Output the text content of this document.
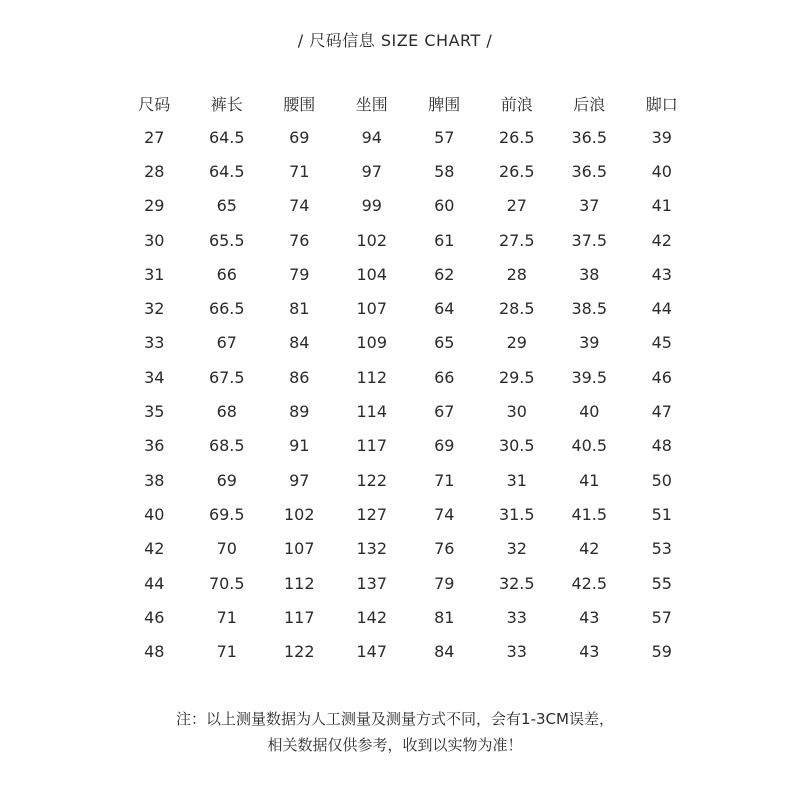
/ 尺码信息 SIZE CHART /
尺码	裤长	腰围	坐围	脾围	前浪	后浪	脚口
27	64.5	69	94	57	26.5	36.5	39
28	64.5	71	97	58	26.5	36.5	40
29	65	74	99	60	27	37	41
30	65.5	76	102	61	27.5	37.5	42
31	66	79	104	62	28	38	43
32	66.5	81	107	64	28.5	38.5	44
33	67	84	109	65	29	39	45
34	67.5	86	112	66	29.5	39.5	46
35	68	89	114	67	30	40	47
36	68.5	91	117	69	30.5	40.5	48
38	69	97	122	71	31	41	50
40	69.5	102	127	74	31.5	41.5	51
42	70	107	132	76	32	42	53
44	70.5	112	137	79	32.5	42.5	55
46	71	117	142	81	33	43	57
48	71	122	147	84	33	43	59
注：以上测量数据为人工测量及测量方式不同，会有1-3CM误差，
相关数据仅供参考，收到以实物为准！
